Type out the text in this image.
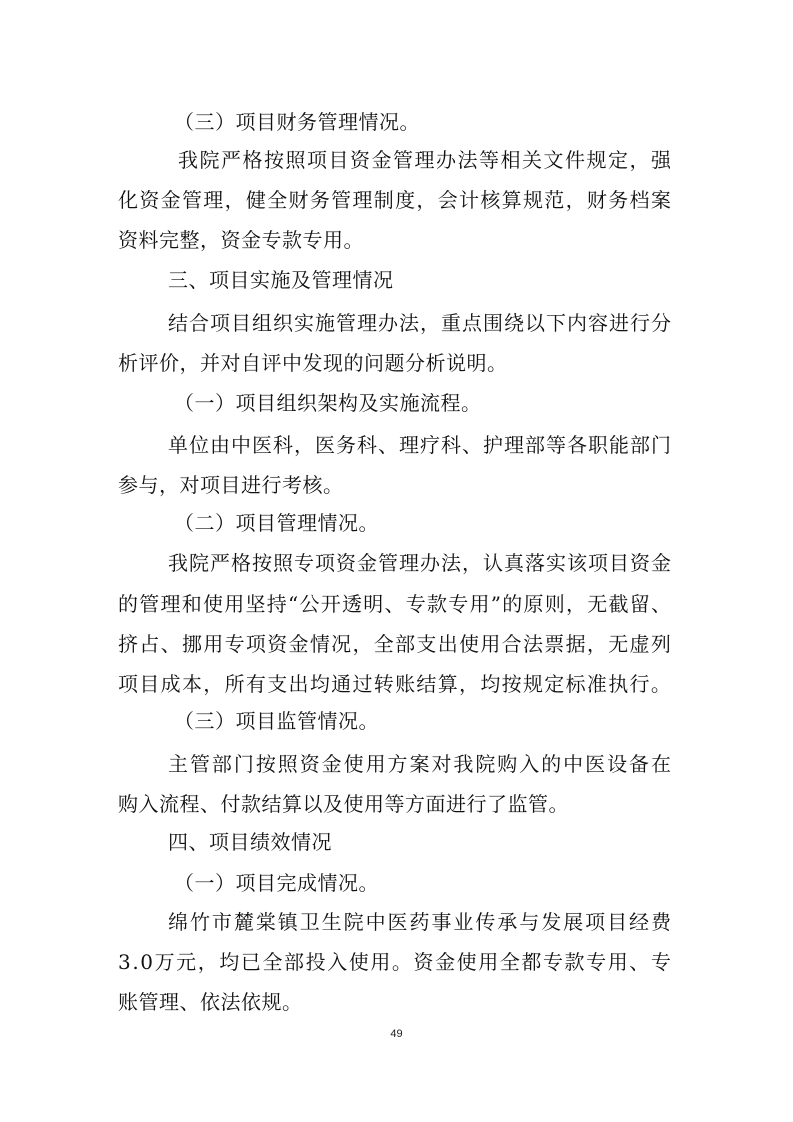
（三）项目财务管理情况。
我 院 严 格 按 照 项 目 资 金 管 理 办 法 等 相 关 文 件 规 定 ， 强
化 资 金 管 理 ， 健 全 财 务 管 理 制 度 ， 会 计 核 算 规 范 ， 财 务 档 案
资料完整，资金专款专用。
三、项目实施及管理情况
结 合 项 目 组 织 实 施 管 理 办 法 ， 重 点 围 绕 以 下 内 容 进 行 分
析评价，并对自评中发现的问题分析说明。
（一）项目组织架构及实施流程。
单 位 由 中 医 科 ， 医 务 科 、 理 疗 科 、 护 理 部 等 各 职 能 部 门
参与，对项目进行考核。
（二）项目管理情况。
我 院 严 格 按 照 专 项 资 金 管 理 办 法 ， 认 真 落 实 该 项 目 资 金
的 管 理 和 使 用 坚 持 “ 公 开 透 明 、 专 款 专 用 ” 的 原 则 ， 无 截 留 、
挤 占 、 挪 用 专 项 资 金 情 况 ， 全 部 支 出 使 用 合 法 票 据 ， 无 虚 列
项 目 成 本 ， 所 有 支 出 均 通 过 转 账 结 算 ， 均 按 规 定 标 准 执 行 。
（三）项目监管情况。
主 管 部 门 按 照 资 金 使 用 方 案 对 我 院 购 入 的 中 医 设 备 在
购入流程、付款结算以及使用等方面进行了监管。
四、项目绩效情况
（一）项目完成情况。
绵 竹 市 麓 棠 镇 卫 生 院 中 医 药 事 业 传 承 与 发 展 项 目 经 费
3 . 0 万 元 ， 均 已 全 部 投 入 使 用 。 资 金 使 用 全 都 专 款 专 用 、 专
账管理、依法依规。
49
